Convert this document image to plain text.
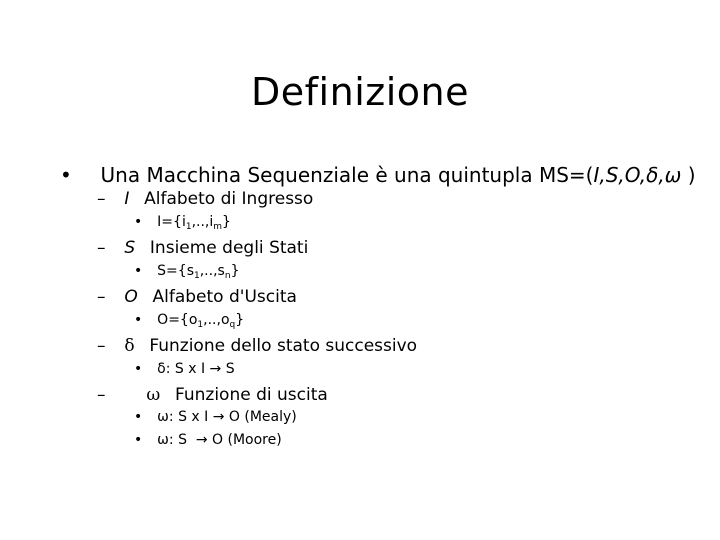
Definizione
• Una Macchina Sequenziale è una quintupla MS=(I,S,O,δ,ω )
– I Alfabeto di Ingresso
• $I=\{i_1,..,i_m\}$
– S Insieme degli Stati
• $S=\{s_1,..,s_n\}$
– O Alfabeto d'Uscita
• $O=\{o_1,..,o_q\}$
– δ Funzione dello stato successivo
• δ: S x I → S
– ω Funzione di uscita
• ω: S x I → O (Mealy)
• ω: S  → O (Moore)
